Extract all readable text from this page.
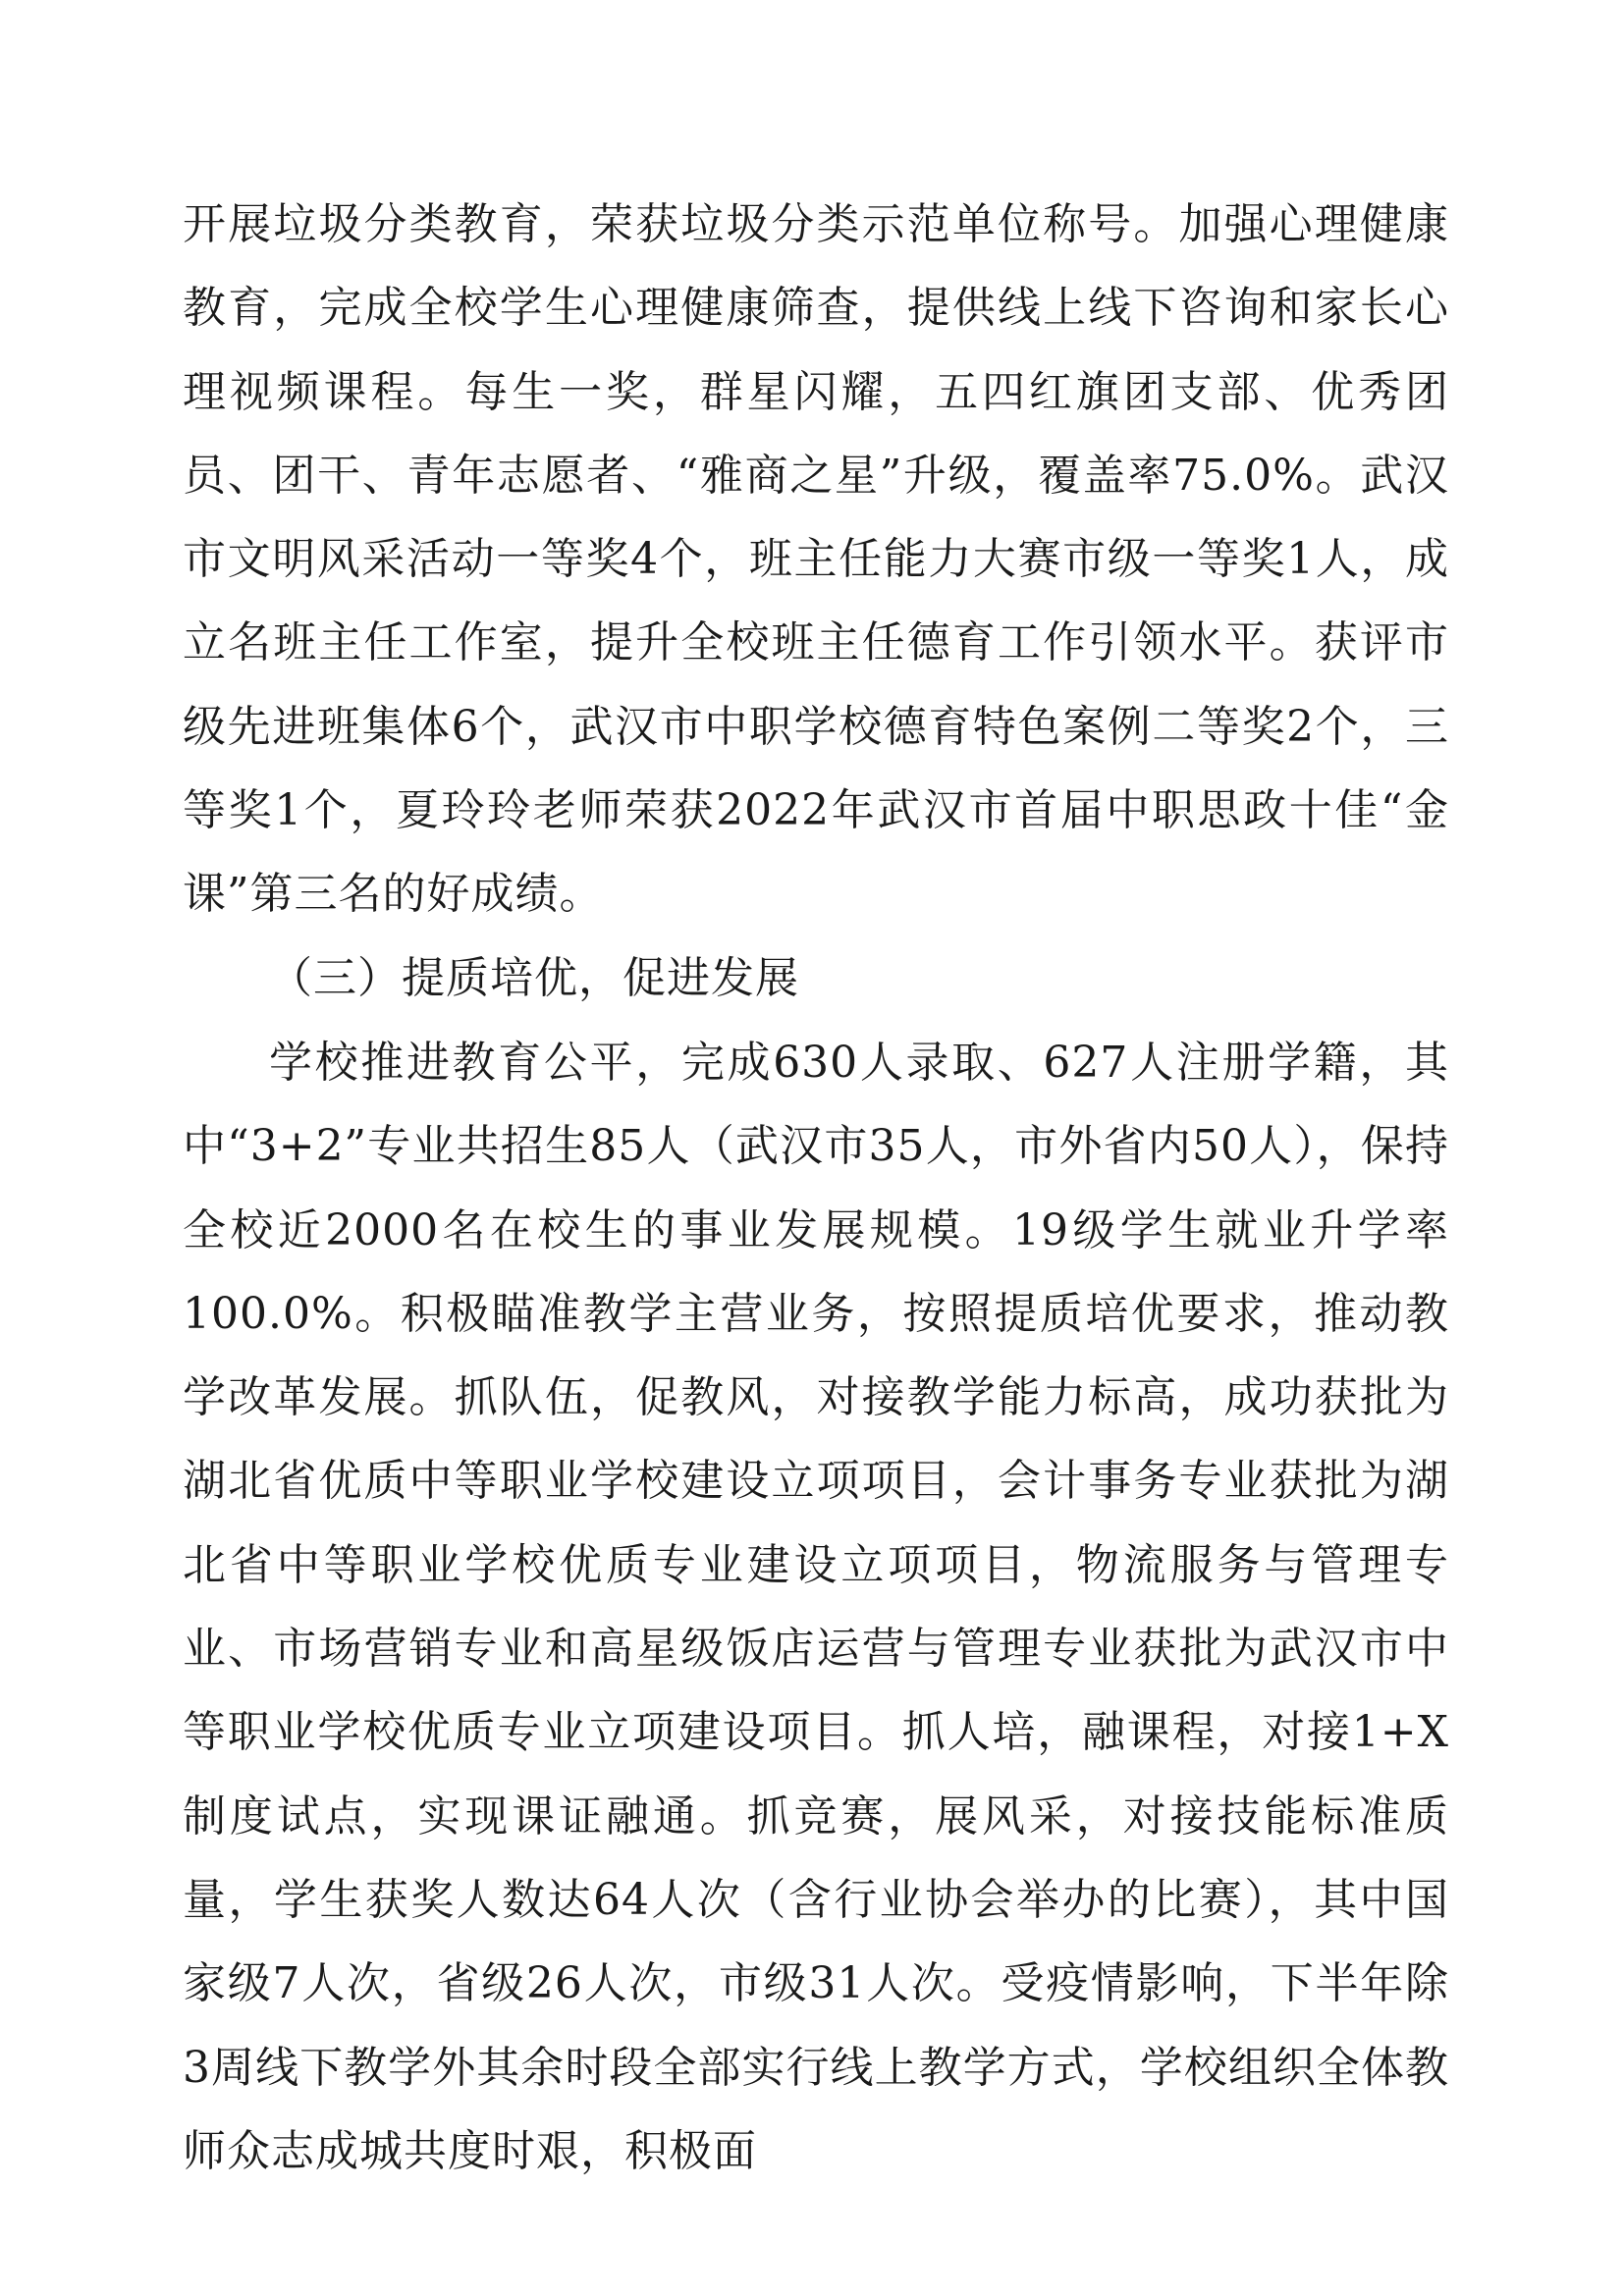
开展垃圾分类教育，荣获垃圾分类示范单位称号。加强心理健康教育，完成全校学生心理健康筛查，提供线上线下咨询和家长心理视频课程。每生一奖，群星闪耀，五四红旗团支部、优秀团员、团干、青年志愿者、“雅商之星”升级，覆盖率75.0%。武汉市文明风采活动一等奖4个，班主任能力大赛市级一等奖1人，成立名班主任工作室，提升全校班主任德育工作引领水平。获评市级先进班集体6个，武汉市中职学校德育特色案例二等奖2个，三等奖1个，夏玲玲老师荣获2022年武汉市首届中职思政十佳“金课”第三名的好成绩。

（三）提质培优，促进发展

学校推进教育公平，完成630人录取、627人注册学籍，其中“3+2”专业共招生85人（武汉市35人，市外省内50人），保持全校近2000名在校生的事业发展规模。19级学生就业升学率100.0%。积极瞄准教学主营业务，按照提质培优要求，推动教学改革发展。抓队伍，促教风，对接教学能力标高，成功获批为湖北省优质中等职业学校建设立项项目，会计事务专业获批为湖北省中等职业学校优质专业建设立项项目，物流服务与管理专业、市场营销专业和高星级饭店运营与管理专业获批为武汉市中等职业学校优质专业立项建设项目。抓人培，融课程，对接1+X制度试点，实现课证融通。抓竞赛，展风采，对接技能标准质量，学生获奖人数达64人次（含行业协会举办的比赛），其中国家级7人次，省级26人次，市级31人次。受疫情影响，下半年除3周线下教学外其余时段全部实行线上教学方式，学校组织全体教师众志成城共度时艰，积极面
